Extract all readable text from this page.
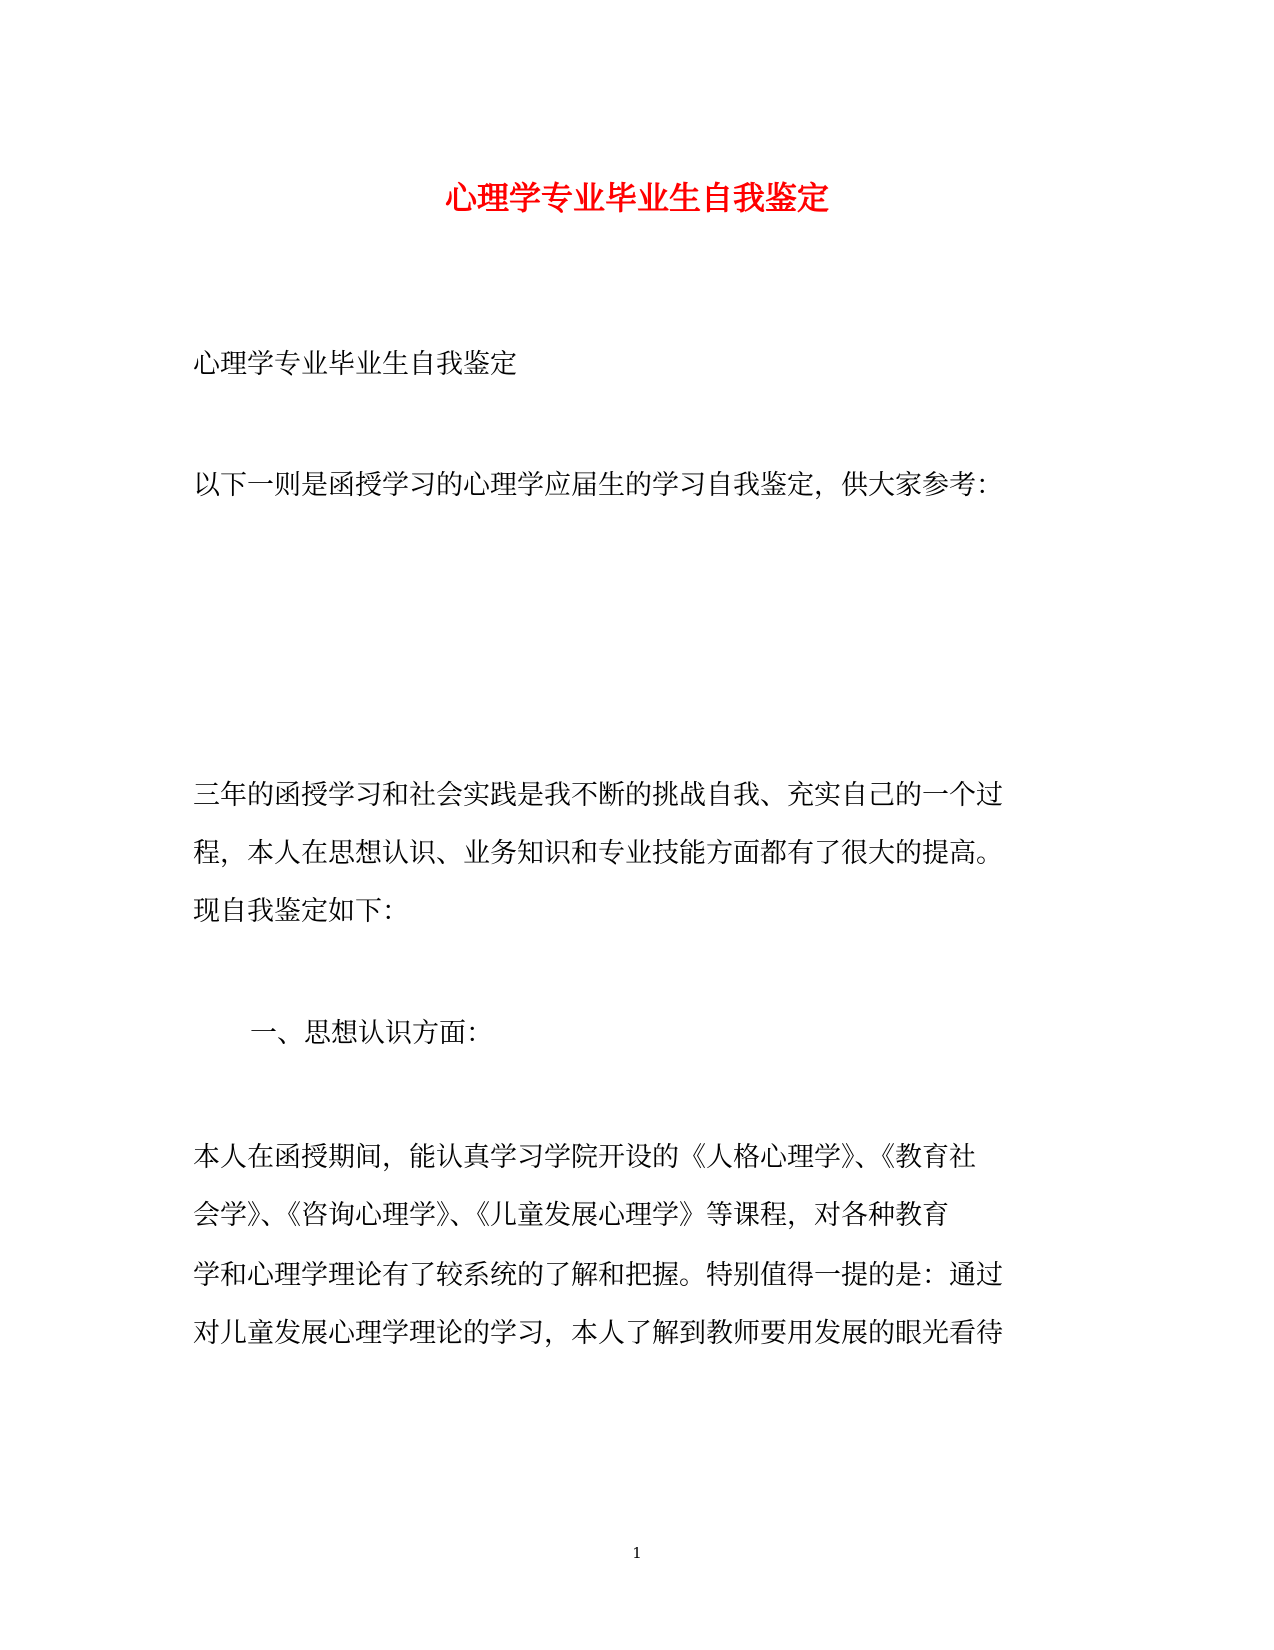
心理学专业毕业生自我鉴定
心理学专业毕业生自我鉴定
以下一则是函授学习的心理学应届生的学习自我鉴定，供大家参考：
三年的函授学习和社会实践是我不断的挑战自我、充实自己的一个过
程，本人在思想认识、业务知识和专业技能方面都有了很大的提高。
现自我鉴定如下：
一、思想认识方面：
本人在函授期间，能认真学习学院开设的《人格心理学》、《教育社
会学》、《咨询心理学》、《儿童发展心理学》等课程，对各种教育
学和心理学理论有了较系统的了解和把握。特别值得一提的是：通过
对儿童发展心理学理论的学习，本人了解到教师要用发展的眼光看待
1
